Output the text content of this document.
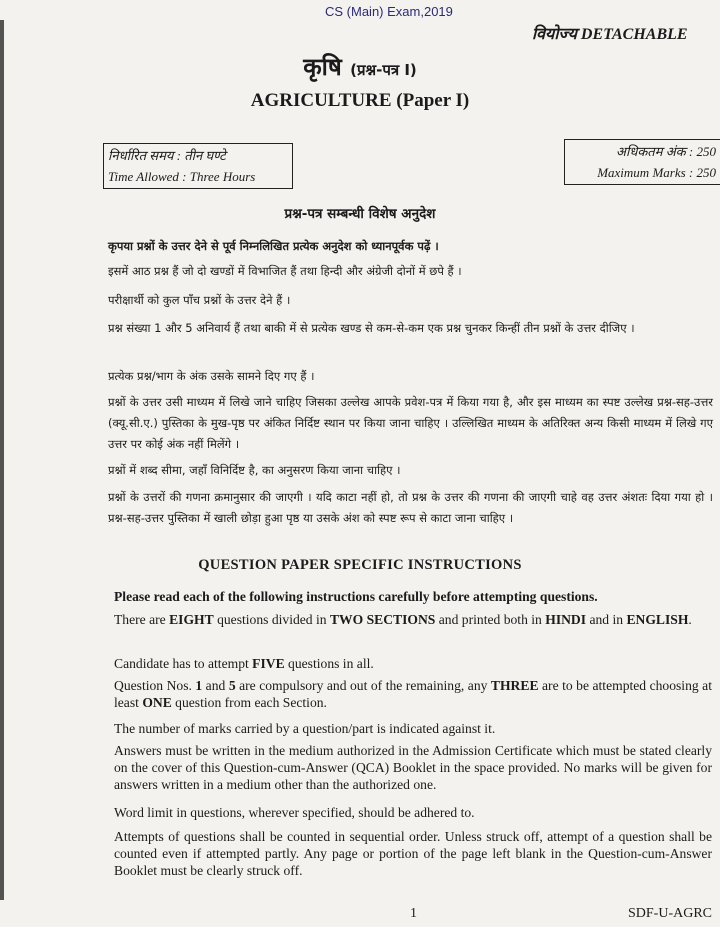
CS (Main) Exam,2019
वियोज्य DETACHABLE
कृषि (प्रश्न-पत्र I)
AGRICULTURE (Paper I)
निर्धारित समय : तीन घण्टे
Time Allowed : Three Hours
अधिकतम अंक : 250
Maximum Marks : 250
प्रश्न-पत्र सम्बन्धी विशेष अनुदेश
कृपया प्रश्नों के उत्तर देने से पूर्व निम्नलिखित प्रत्येक अनुदेश को ध्यानपूर्वक पढ़ें ।
इसमें आठ प्रश्न हैं जो दो खण्डों में विभाजित हैं तथा हिन्दी और अंग्रेजी दोनों में छपे हैं ।
परीक्षार्थी को कुल पाँच प्रश्नों के उत्तर देने हैं ।
प्रश्न संख्या 1 और 5 अनिवार्य हैं तथा बाकी में से प्रत्येक खण्ड से कम-से-कम एक प्रश्न चुनकर किन्हीं तीन प्रश्नों के उत्तर दीजिए ।
प्रत्येक प्रश्न/भाग के अंक उसके सामने दिए गए हैं ।
प्रश्नों के उत्तर उसी माध्यम में लिखे जाने चाहिए जिसका उल्लेख आपके प्रवेश-पत्र में किया गया है, और इस माध्यम का स्पष्ट उल्लेख प्रश्न-सह-उत्तर (क्यू.सी.ए.) पुस्तिका के मुख-पृष्ठ पर अंकित निर्दिष्ट स्थान पर किया जाना चाहिए । उल्लिखित माध्यम के अतिरिक्त अन्य किसी माध्यम में लिखे गए उत्तर पर कोई अंक नहीं मिलेंगे ।
प्रश्नों में शब्द सीमा, जहाँ विनिर्दिष्ट है, का अनुसरण किया जाना चाहिए ।
प्रश्नों के उत्तरों की गणना क्रमानुसार की जाएगी । यदि काटा नहीं हो, तो प्रश्न के उत्तर की गणना की जाएगी चाहे वह उत्तर अंशतः दिया गया हो । प्रश्न-सह-उत्तर पुस्तिका में खाली छोड़ा हुआ पृष्ठ या उसके अंश को स्पष्ट रूप से काटा जाना चाहिए ।
QUESTION PAPER SPECIFIC INSTRUCTIONS
Please read each of the following instructions carefully before attempting questions.
There are EIGHT questions divided in TWO SECTIONS and printed both in HINDI and in ENGLISH.
Candidate has to attempt FIVE questions in all.
Question Nos. 1 and 5 are compulsory and out of the remaining, any THREE are to be attempted choosing at least ONE question from each Section.
The number of marks carried by a question/part is indicated against it.
Answers must be written in the medium authorized in the Admission Certificate which must be stated clearly on the cover of this Question-cum-Answer (QCA) Booklet in the space provided. No marks will be given for answers written in a medium other than the authorized one.
Word limit in questions, wherever specified, should be adhered to.
Attempts of questions shall be counted in sequential order. Unless struck off, attempt of a question shall be counted even if attempted partly. Any page or portion of the page left blank in the Question-cum-Answer Booklet must be clearly struck off.
1	SDF-U-AGRC
